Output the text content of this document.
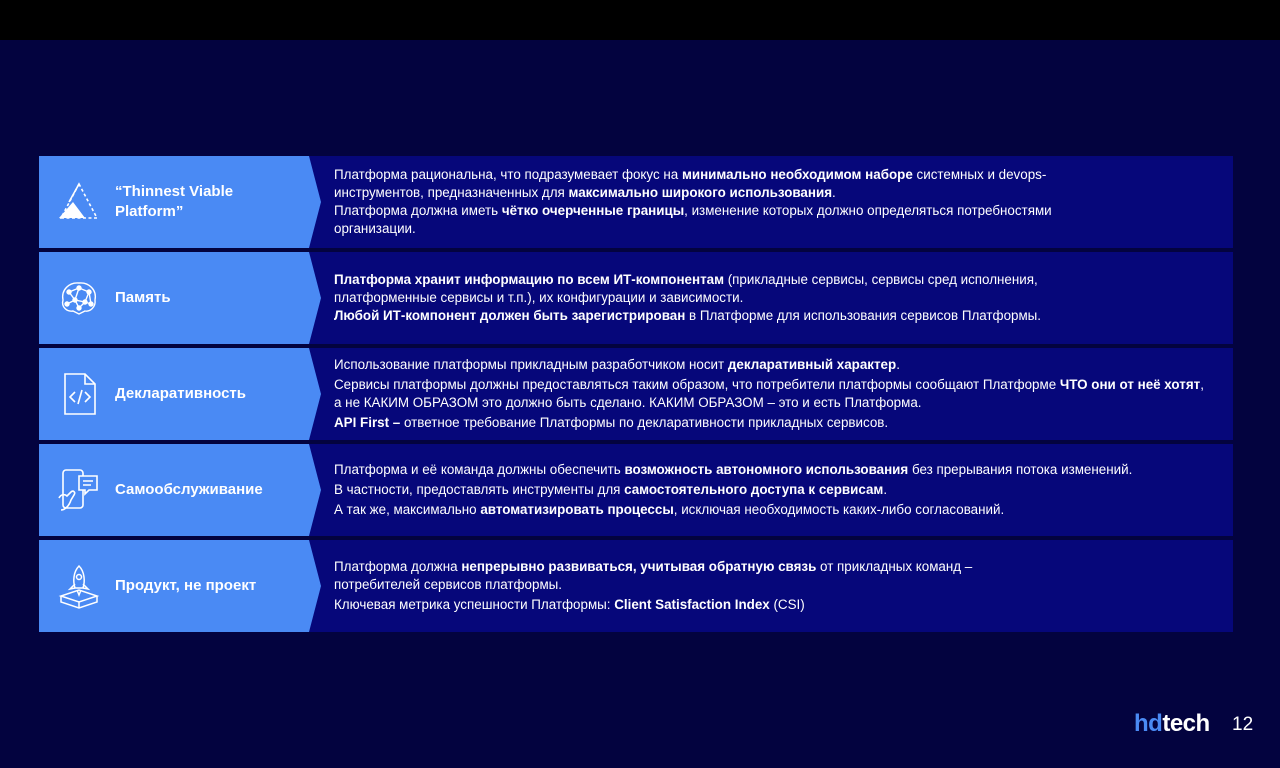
“Thinnest Viable Platform”
Платформа рациональна, что подразумевает фокус на минимально необходимом наборе системных и devops-
инструментов, предназначенных для максимально широкого использования.
Платформа должна иметь чётко очерченные границы, изменение которых должно определяться потребностями
организации.
Память
Платформа хранит информацию по всем ИТ-компонентам (прикладные сервисы, сервисы сред исполнения,
платформенные сервисы и т.п.), их конфигурации и зависимости.
Любой ИТ-компонент должен быть зарегистрирован в Платформе для использования сервисов Платформы.
Декларативность
Использование платформы прикладным разработчиком носит декларативный характер.
Сервисы платформы должны предоставляться таким образом, что потребители платформы сообщают Платформе ЧТО они от неё хотят,
а не КАКИМ ОБРАЗОМ это должно быть сделано. КАКИМ ОБРАЗОМ – это и есть Платформа.
API First – ответное требование Платформы по декларативности прикладных сервисов.
Самообслуживание
Платформа и её команда должны обеспечить возможность автономного использования без прерывания потока изменений.
В частности, предоставлять инструменты для самостоятельного доступа к сервисам.
А так же, максимально автоматизировать процессы, исключая необходимость каких-либо согласований.
Продукт, не проект
Платформа должна непрерывно развиваться, учитывая обратную связь от прикладных команд –
потребителей сервисов платформы.
Ключевая метрика успешности Платформы: Client Satisfaction Index (CSI)
hdtech 12
